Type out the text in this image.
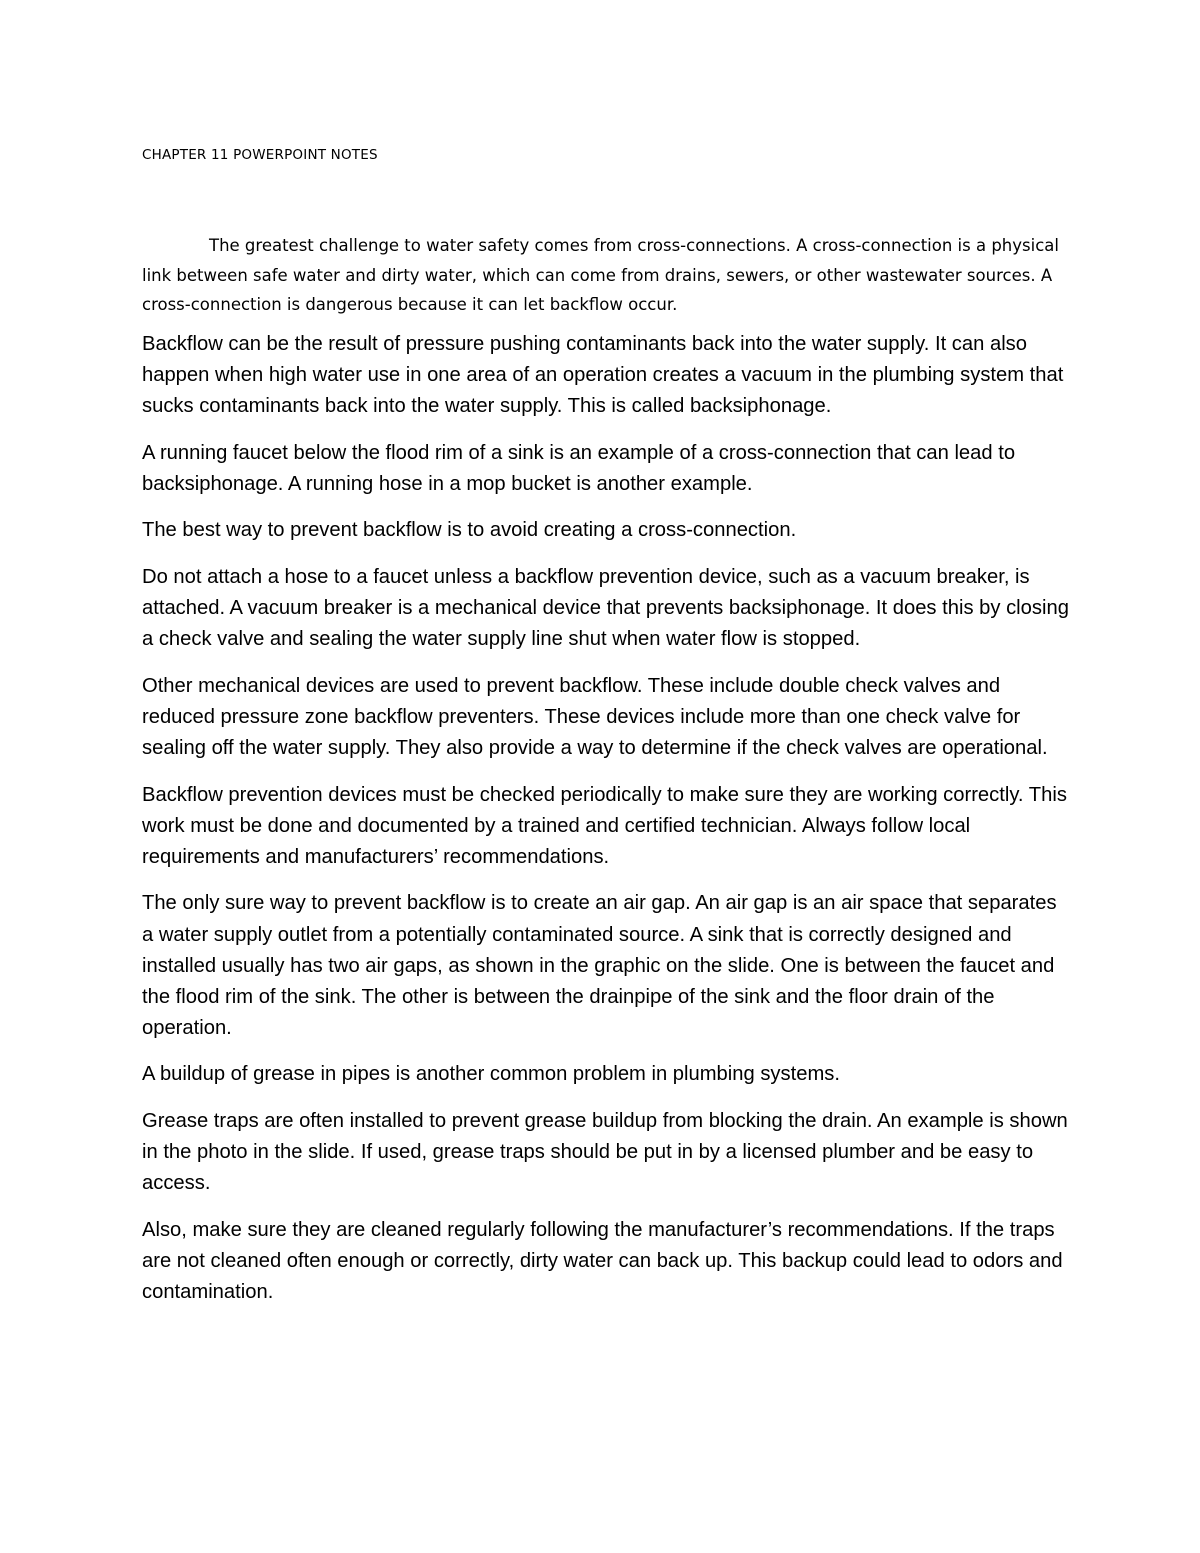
CHAPTER 11 POWERPOINT NOTES

The greatest challenge to water safety comes from cross-connections. A cross-connection is a physical link between safe water and dirty water, which can come from drains, sewers, or other wastewater sources. A cross-connection is dangerous because it can let backflow occur.

Backflow can be the result of pressure pushing contaminants back into the water supply. It can also happen when high water use in one area of an operation creates a vacuum in the plumbing system that sucks contaminants back into the water supply. This is called backsiphonage.

A running faucet below the flood rim of a sink is an example of a cross-connection that can lead to backsiphonage. A running hose in a mop bucket is another example.

The best way to prevent backflow is to avoid creating a cross-connection.

Do not attach a hose to a faucet unless a backflow prevention device, such as a vacuum breaker, is attached. A vacuum breaker is a mechanical device that prevents backsiphonage. It does this by closing a check valve and sealing the water supply line shut when water flow is stopped.

Other mechanical devices are used to prevent backflow. These include double check valves and reduced pressure zone backflow preventers. These devices include more than one check valve for sealing off the water supply. They also provide a way to determine if the check valves are operational.

Backflow prevention devices must be checked periodically to make sure they are working correctly. This work must be done and documented by a trained and certified technician. Always follow local requirements and manufacturers’ recommendations.

The only sure way to prevent backflow is to create an air gap. An air gap is an air space that separates a water supply outlet from a potentially contaminated source. A sink that is correctly designed and installed usually has two air gaps, as shown in the graphic on the slide. One is between the faucet and the flood rim of the sink. The other is between the drainpipe of the sink and the floor drain of the operation.

A buildup of grease in pipes is another common problem in plumbing systems.

Grease traps are often installed to prevent grease buildup from blocking the drain. An example is shown in the photo in the slide. If used, grease traps should be put in by a licensed plumber and be easy to access.

Also, make sure they are cleaned regularly following the manufacturer’s recommendations. If the traps are not cleaned often enough or correctly, dirty water can back up. This backup could lead to odors and contamination.
